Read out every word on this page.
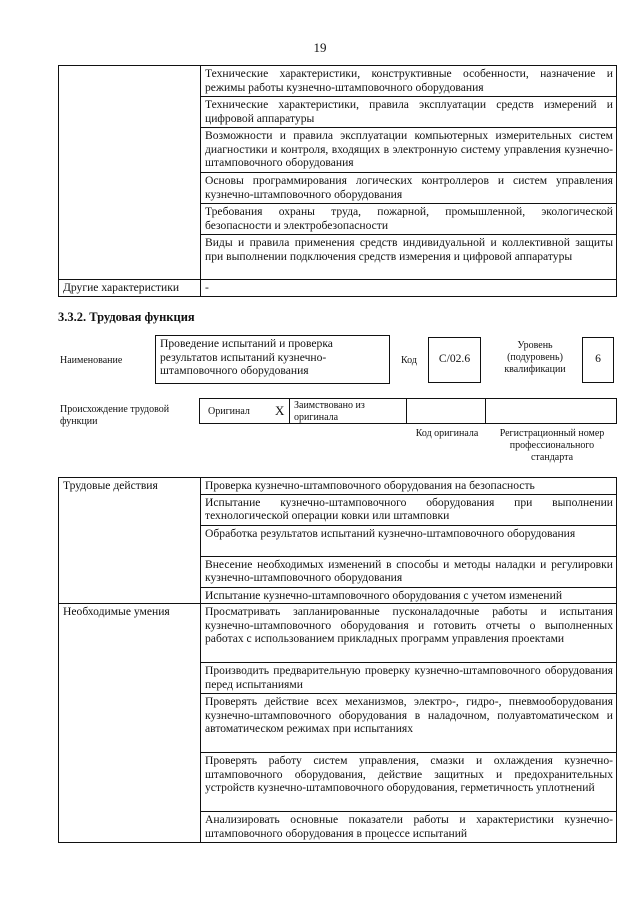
19
	Технические характеристики, конструктивные особенности, назначение и режимы работы кузнечно-штамповочного оборудования
	Технические характеристики, правила эксплуатации средств измерений и цифровой аппаратуры
	Возможности и правила эксплуатации компьютерных измерительных систем диагностики и контроля, входящих в электронную систему управления кузнечно-штамповочного оборудования
	Основы программирования логических контроллеров и систем управления кузнечно-штамповочного оборудования
	Требования охраны труда, пожарной, промышленной, экологической безопасности и электробезопасности
	Виды и правила применения средств индивидуальной и коллективной защиты при выполнении подключения средств измерения и цифровой аппаратуры
Другие характеристики	-
3.3.2. Трудовая функция
Наименование
Проведение испытаний и проверка результатов испытаний кузнечно-штамповочного оборудования
Код	C/02.6
Уровень (подуровень) квалификации
6
Происхождение трудовой функции
Оригинал X Заимствовано из оригинала
Код оригинала	Регистрационный номер профессионального стандарта
Трудовые действия	Проверка кузнечно-штамповочного оборудования на безопасность
	Испытание кузнечно-штамповочного оборудования при выполнении технологической операции ковки или штамповки
	Обработка результатов испытаний кузнечно-штамповочного оборудования
	Внесение необходимых изменений в способы и методы наладки и регулировки кузнечно-штамповочного оборудования
	Испытание кузнечно-штамповочного оборудования с учетом изменений
Необходимые умения	Просматривать запланированные пусконаладочные работы и испытания кузнечно-штамповочного оборудования и готовить отчеты о выполненных работах с использованием прикладных программ управления проектами
	Производить предварительную проверку кузнечно-штамповочного оборудования перед испытаниями
	Проверять действие всех механизмов, электро-, гидро-, пневмооборудования кузнечно-штамповочного оборудования в наладочном, полуавтоматическом и автоматическом режимах при испытаниях
	Проверять работу систем управления, смазки и охлаждения кузнечно-штамповочного оборудования, действие защитных и предохранительных устройств кузнечно-штамповочного оборудования, герметичность уплотнений
	Анализировать основные показатели работы и характеристики кузнечно-штамповочного оборудования в процессе испытаний
